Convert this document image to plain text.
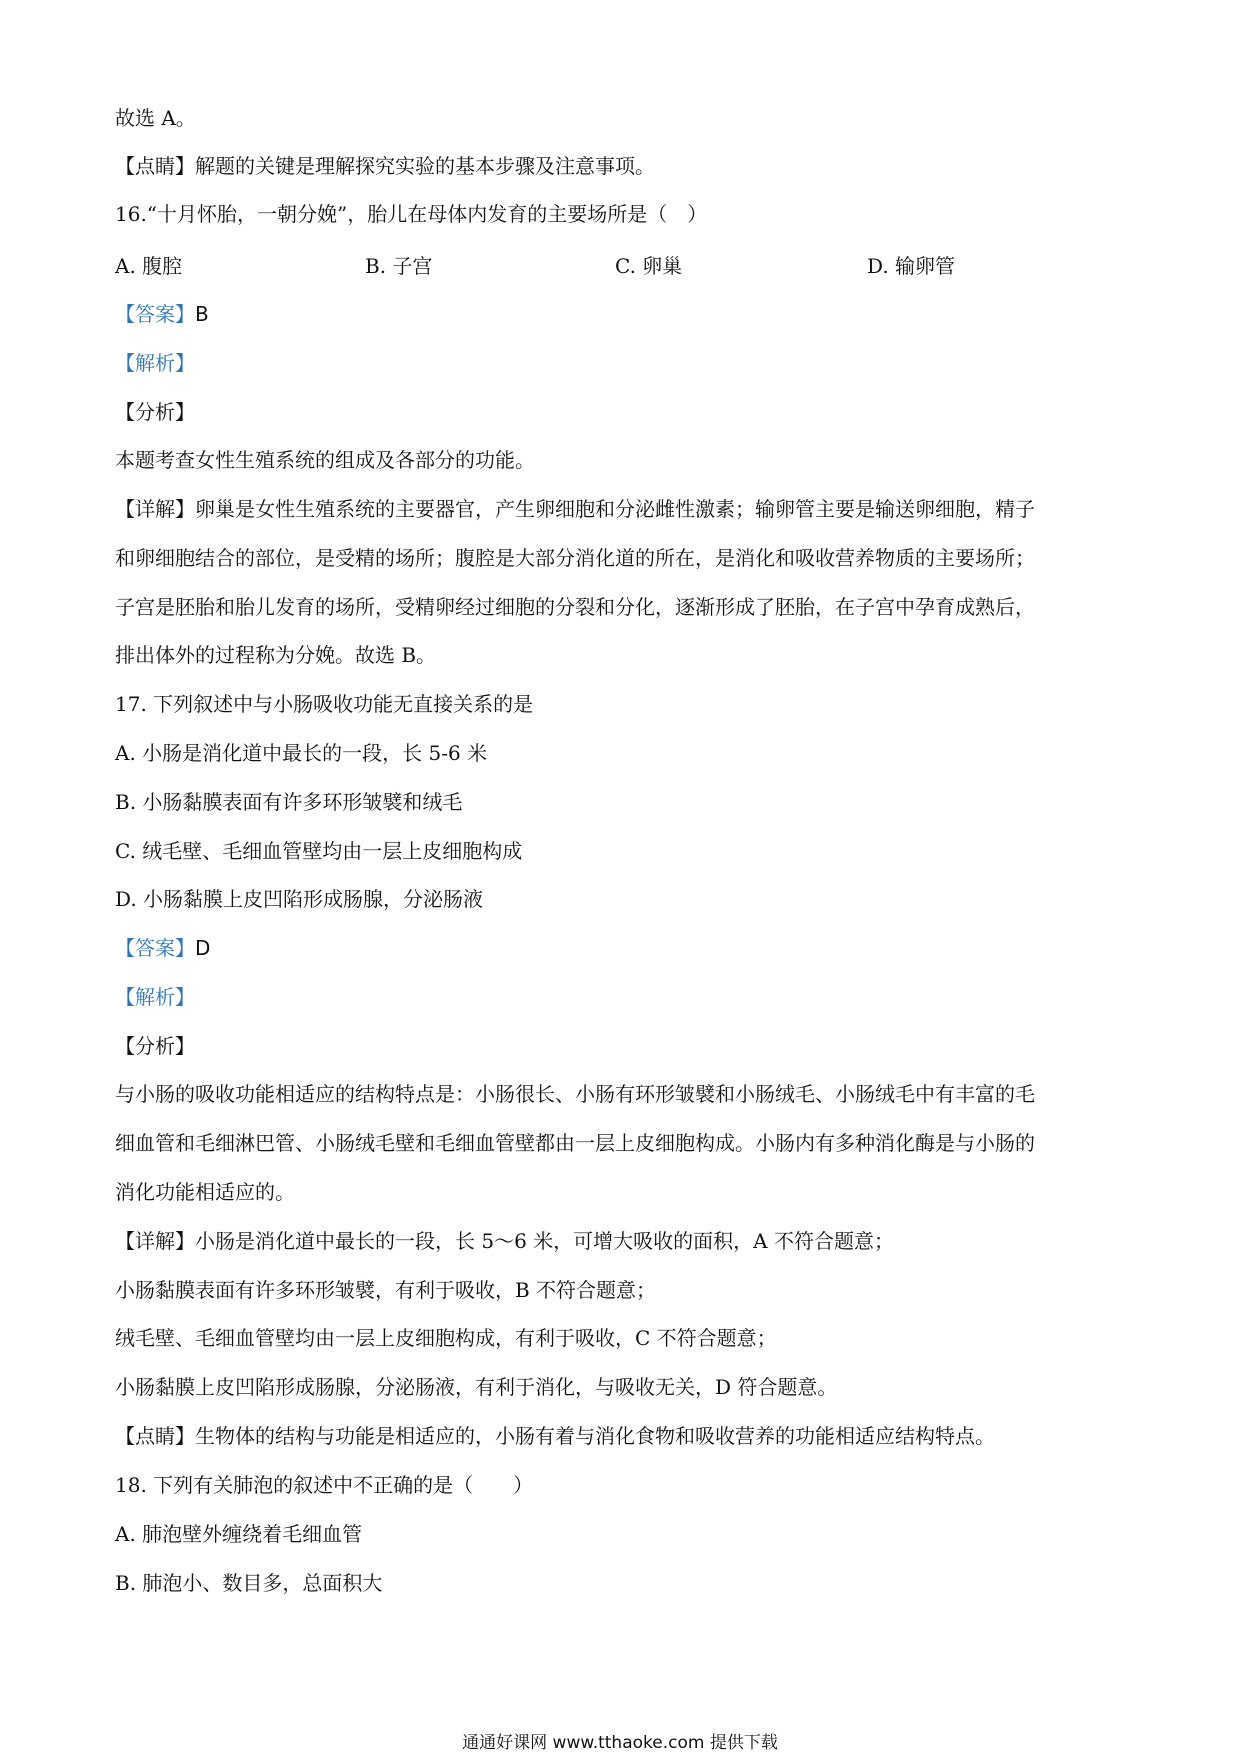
故选 A。
【点睛】解题的关键是理解探究实验的基本步骤及注意事项。
16.“十月怀胎，一朝分娩”，胎儿在母体内发育的主要场所是（　）
A. 腹腔	B. 子宫	C. 卵巢	D. 输卵管
【答案】B
【解析】
【分析】
本题考查女性生殖系统的组成及各部分的功能。
【详解】卵巢是女性生殖系统的主要器官，产生卵细胞和分泌雌性激素；输卵管主要是输送卵细胞，精子
和卵细胞结合的部位，是受精的场所；腹腔是大部分消化道的所在，是消化和吸收营养物质的主要场所；
子宫是胚胎和胎儿发育的场所，受精卵经过细胞的分裂和分化，逐渐形成了胚胎，在子宫中孕育成熟后，
排出体外的过程称为分娩。故选 B。
17. 下列叙述中与小肠吸收功能无直接关系的是
A. 小肠是消化道中最长的一段，长 5-6 米
B. 小肠黏膜表面有许多环形皱襞和绒毛
C. 绒毛壁、毛细血管壁均由一层上皮细胞构成
D. 小肠黏膜上皮凹陷形成肠腺，分泌肠液
【答案】D
【解析】
【分析】
与小肠的吸收功能相适应的结构特点是：小肠很长、小肠有环形皱襞和小肠绒毛、小肠绒毛中有丰富的毛
细血管和毛细淋巴管、小肠绒毛壁和毛细血管壁都由一层上皮细胞构成。小肠内有多种消化酶是与小肠的
消化功能相适应的。
【详解】小肠是消化道中最长的一段，长 5～6 米，可增大吸收的面积，A 不符合题意；
小肠黏膜表面有许多环形皱襞，有利于吸收，B 不符合题意；
绒毛壁、毛细血管壁均由一层上皮细胞构成，有利于吸收，C 不符合题意；
小肠黏膜上皮凹陷形成肠腺，分泌肠液，有利于消化，与吸收无关，D 符合题意。
【点睛】生物体的结构与功能是相适应的，小肠有着与消化食物和吸收营养的功能相适应结构特点。
18. 下列有关肺泡的叙述中不正确的是（　　）
A. 肺泡壁外缠绕着毛细血管
B. 肺泡小、数目多，总面积大
通通好课网 www.tthaoke.com 提供下载
